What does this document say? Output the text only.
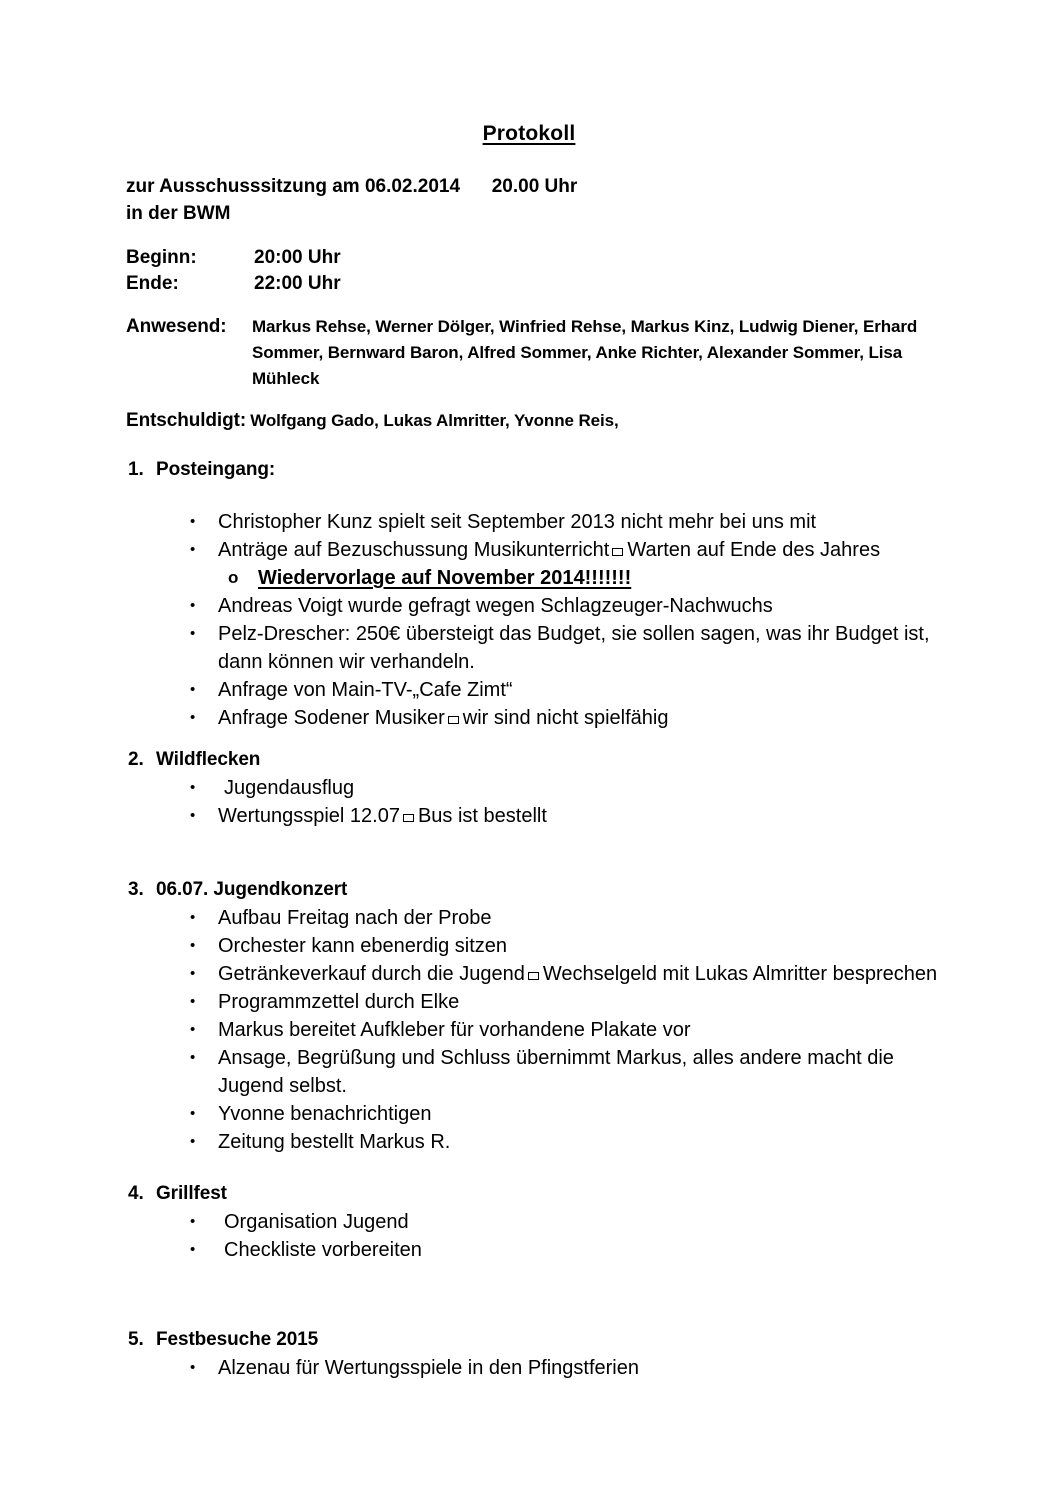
Protokoll
zur Ausschusssitzung am 06.02.2014      20.00 Uhr
in der BWM
Beginn:	20:00 Uhr
Ende:	22:00 Uhr
Anwesend:	Markus Rehse, Werner Dölger, Winfried Rehse, Markus Kinz, Ludwig Diener, Erhard Sommer, Bernward Baron, Alfred Sommer, Anke Richter, Alexander Sommer, Lisa Mühleck
Entschuldigt : Wolfgang Gado, Lukas Almritter, Yvonne Reis,
1. Posteingang:
•	Christopher Kunz spielt seit September 2013 nicht mehr bei uns mit
•	Anträge auf Bezuschussung Musikunterricht Warten auf Ende des Jahres
o Wiedervorlage auf November 2014!!!!!!!
•	Andreas Voigt wurde gefragt wegen Schlagzeuger-Nachwuchs
•	Pelz-Drescher: 250€ übersteigt das Budget, sie sollen sagen, was ihr Budget ist, dann können wir verhandeln.
•	Anfrage von Main-TV-„Cafe Zimt“
•	Anfrage Sodener Musiker wir sind nicht spielfähig
2. Wildflecken
•	Jugendausflug
•	Wertungsspiel 12.07 Bus ist bestellt
3. 06.07. Jugendkonzert
•	Aufbau Freitag nach der Probe
•	Orchester kann ebenerdig sitzen
•	Getränkeverkauf durch die Jugend Wechselgeld mit Lukas Almritter besprechen
•	Programmzettel durch Elke
•	Markus bereitet Aufkleber für vorhandene Plakate vor
•	Ansage, Begrüßung und Schluss übernimmt Markus, alles andere macht die Jugend selbst.
•	Yvonne benachrichtigen
•	Zeitung bestellt Markus R.
4. Grillfest
•	Organisation Jugend
•	Checkliste vorbereiten
5. Festbesuche 2015
•	Alzenau für Wertungsspiele in den Pfingstferien
